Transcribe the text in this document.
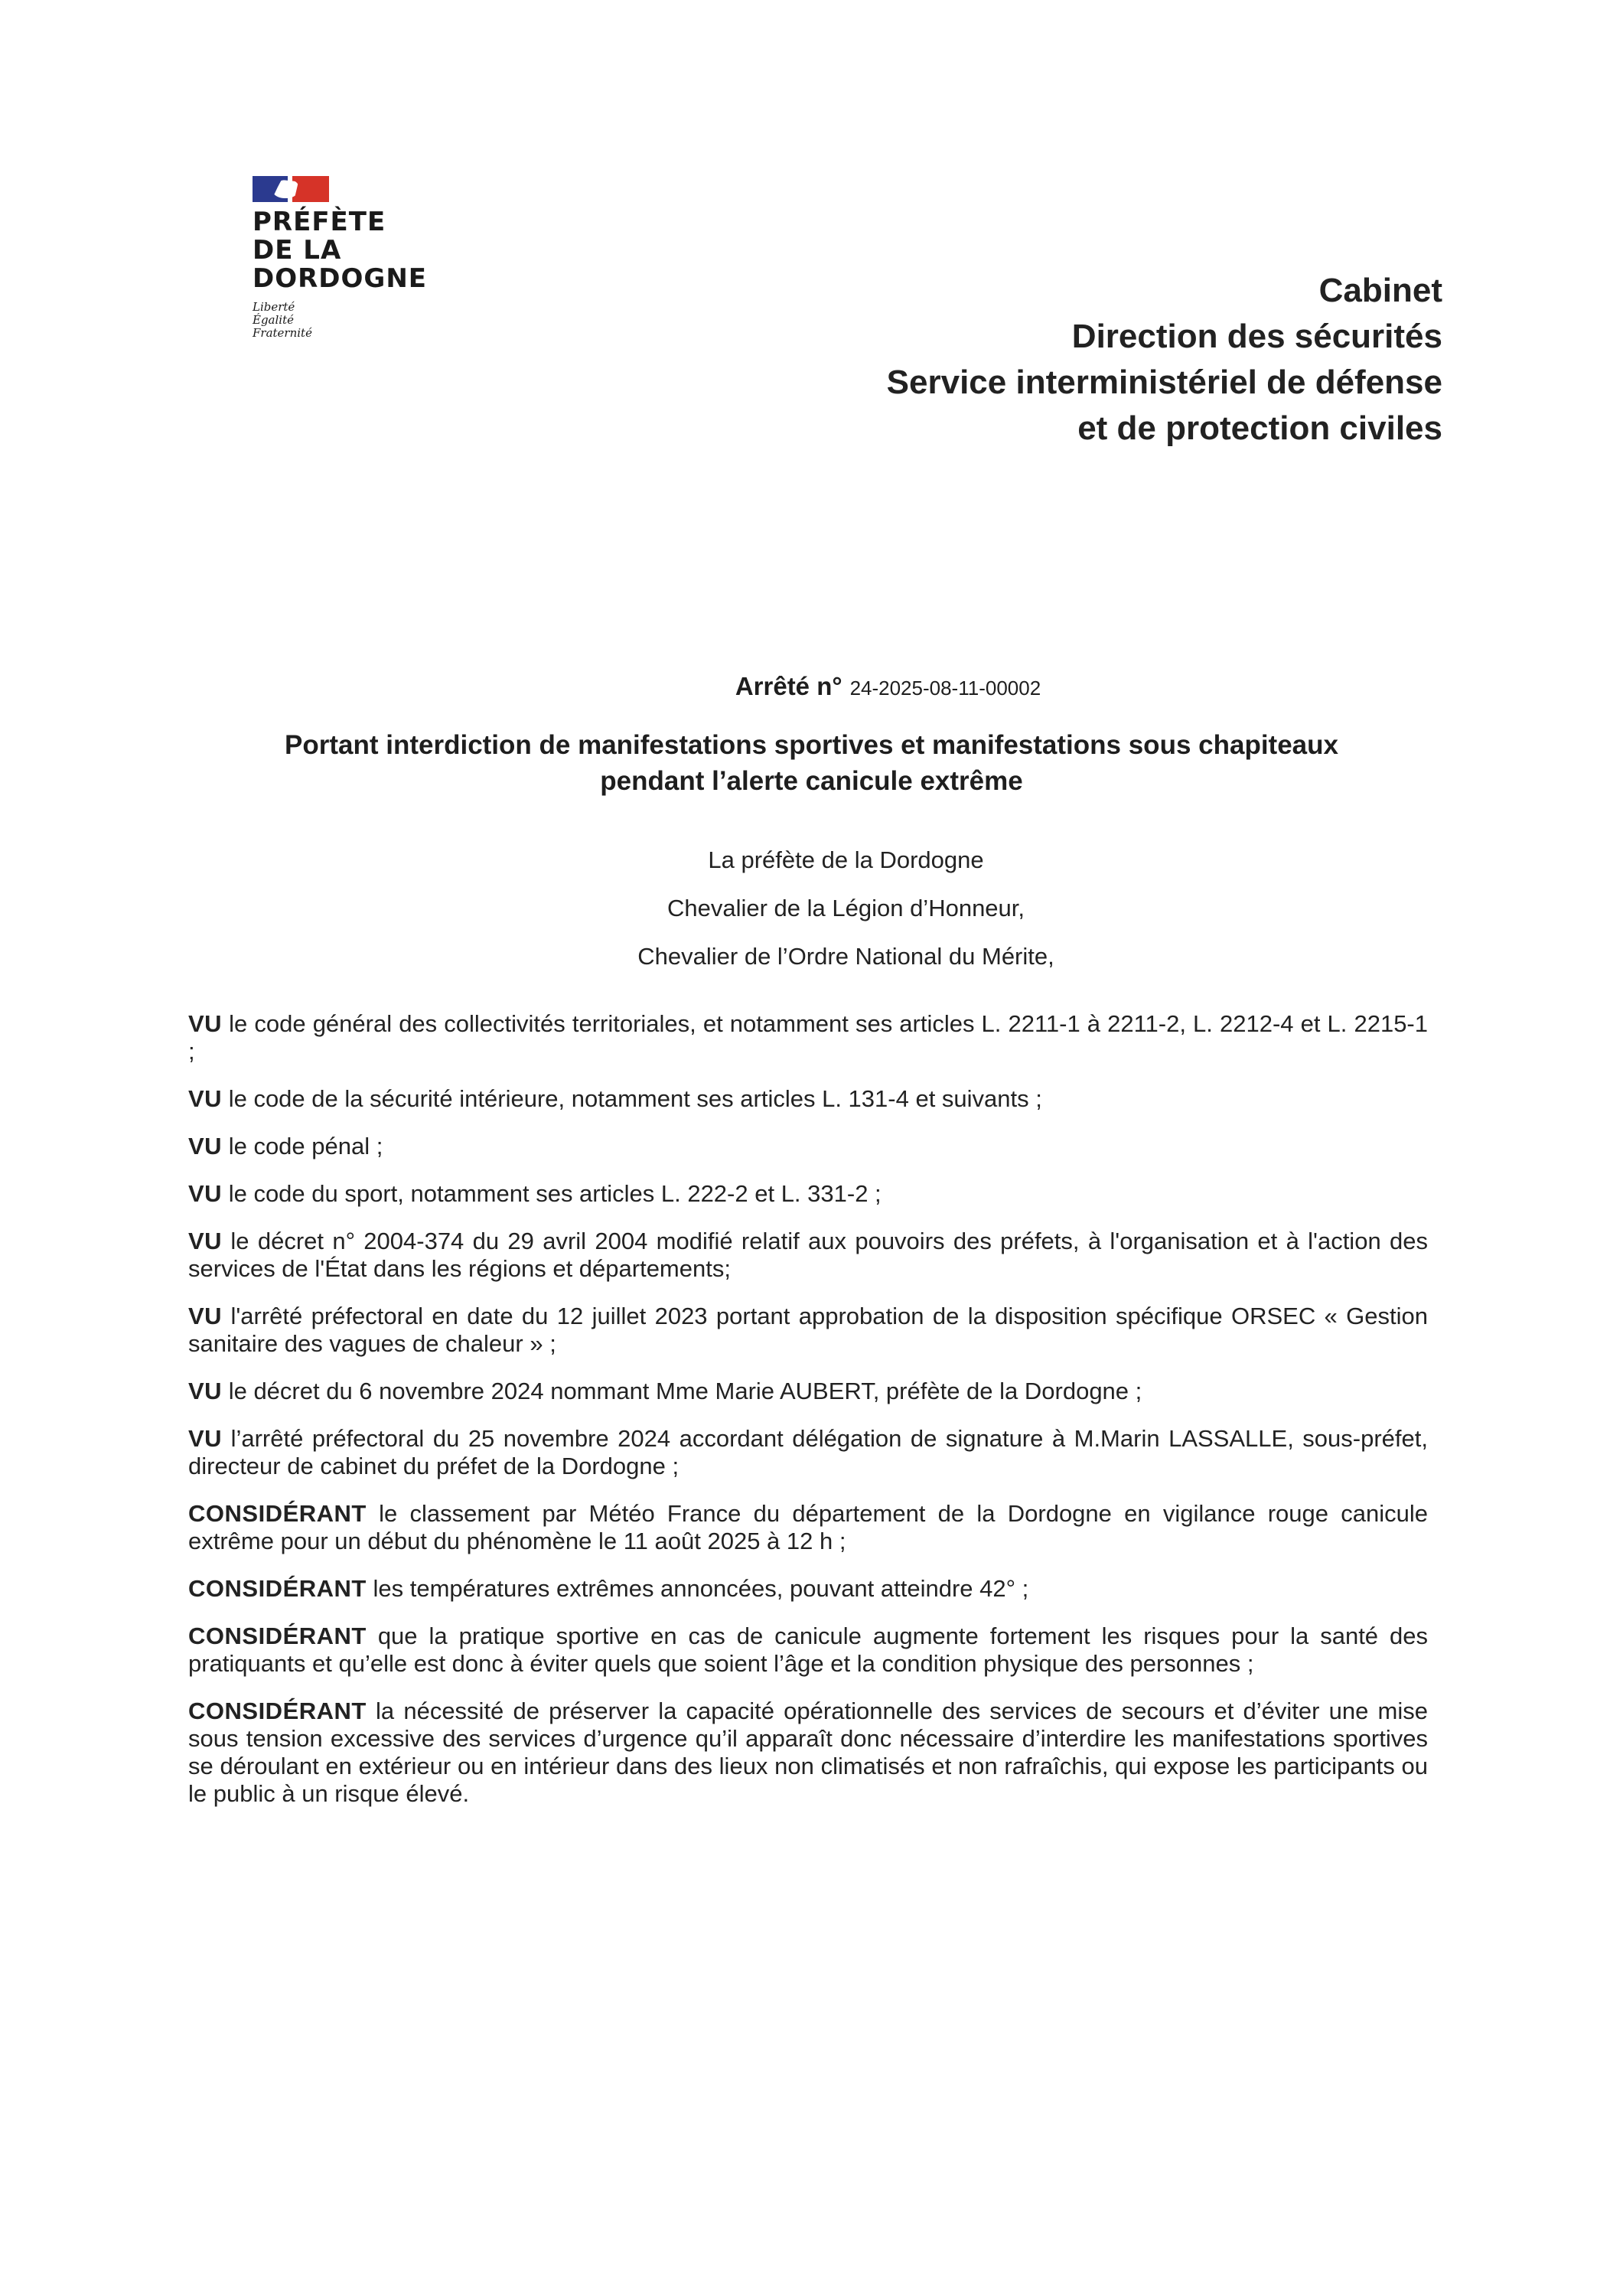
PRÉFÈTE
DE LA
DORDOGNE
Liberté
Égalité
Fraternité
Cabinet
Direction des sécurités
Service interministériel de défense
et de protection civiles
Arrêté n° 24-2025-08-11-00002
Portant interdiction de manifestations sportives et manifestations sous chapiteaux
pendant l’alerte canicule extrême
La préfète de la Dordogne
Chevalier de la Légion d’Honneur,
Chevalier de l’Ordre National du Mérite,

VU le code général des collectivités territoriales, et notamment ses articles L. 2211-1 à 2211-2, L. 2212-4 et L. 2215-1 ;

VU le code de la sécurité intérieure, notamment ses articles L. 131-4 et suivants ;

VU le code pénal ;

VU le code du sport, notamment ses articles L. 222-2 et L. 331-2 ;

VU le décret n° 2004-374 du 29 avril 2004 modifié relatif aux pouvoirs des préfets, à l'organisation et à l'action des services de l'État dans les régions et départements;

VU l'arrêté préfectoral en date du 12 juillet 2023 portant approbation de la disposition spécifique ORSEC « Gestion sanitaire des vagues de chaleur » ;

VU le décret du 6 novembre 2024 nommant Mme Marie AUBERT, préfète de la Dordogne ;

VU l’arrêté préfectoral du 25 novembre 2024 accordant délégation de signature à M.Marin LASSALLE, sous-préfet, directeur de cabinet du préfet de la Dordogne ;

CONSIDÉRANT le classement par Météo France du département de la Dordogne en vigilance rouge canicule extrême pour un début du phénomène le 11 août 2025 à 12 h ;

CONSIDÉRANT les températures extrêmes annoncées, pouvant atteindre 42° ;

CONSIDÉRANT que la pratique sportive en cas de canicule augmente fortement les risques pour la santé des pratiquants et qu’elle est donc à éviter quels que soient l’âge et la condition physique des personnes ;

CONSIDÉRANT la nécessité de préserver la capacité opérationnelle des services de secours et d’éviter une mise sous tension excessive des services d’urgence qu’il apparaît donc nécessaire d’interdire les manifestations sportives se déroulant en extérieur ou en intérieur dans des lieux non climatisés et non rafraîchis, qui expose les participants ou le public à un risque élevé.
